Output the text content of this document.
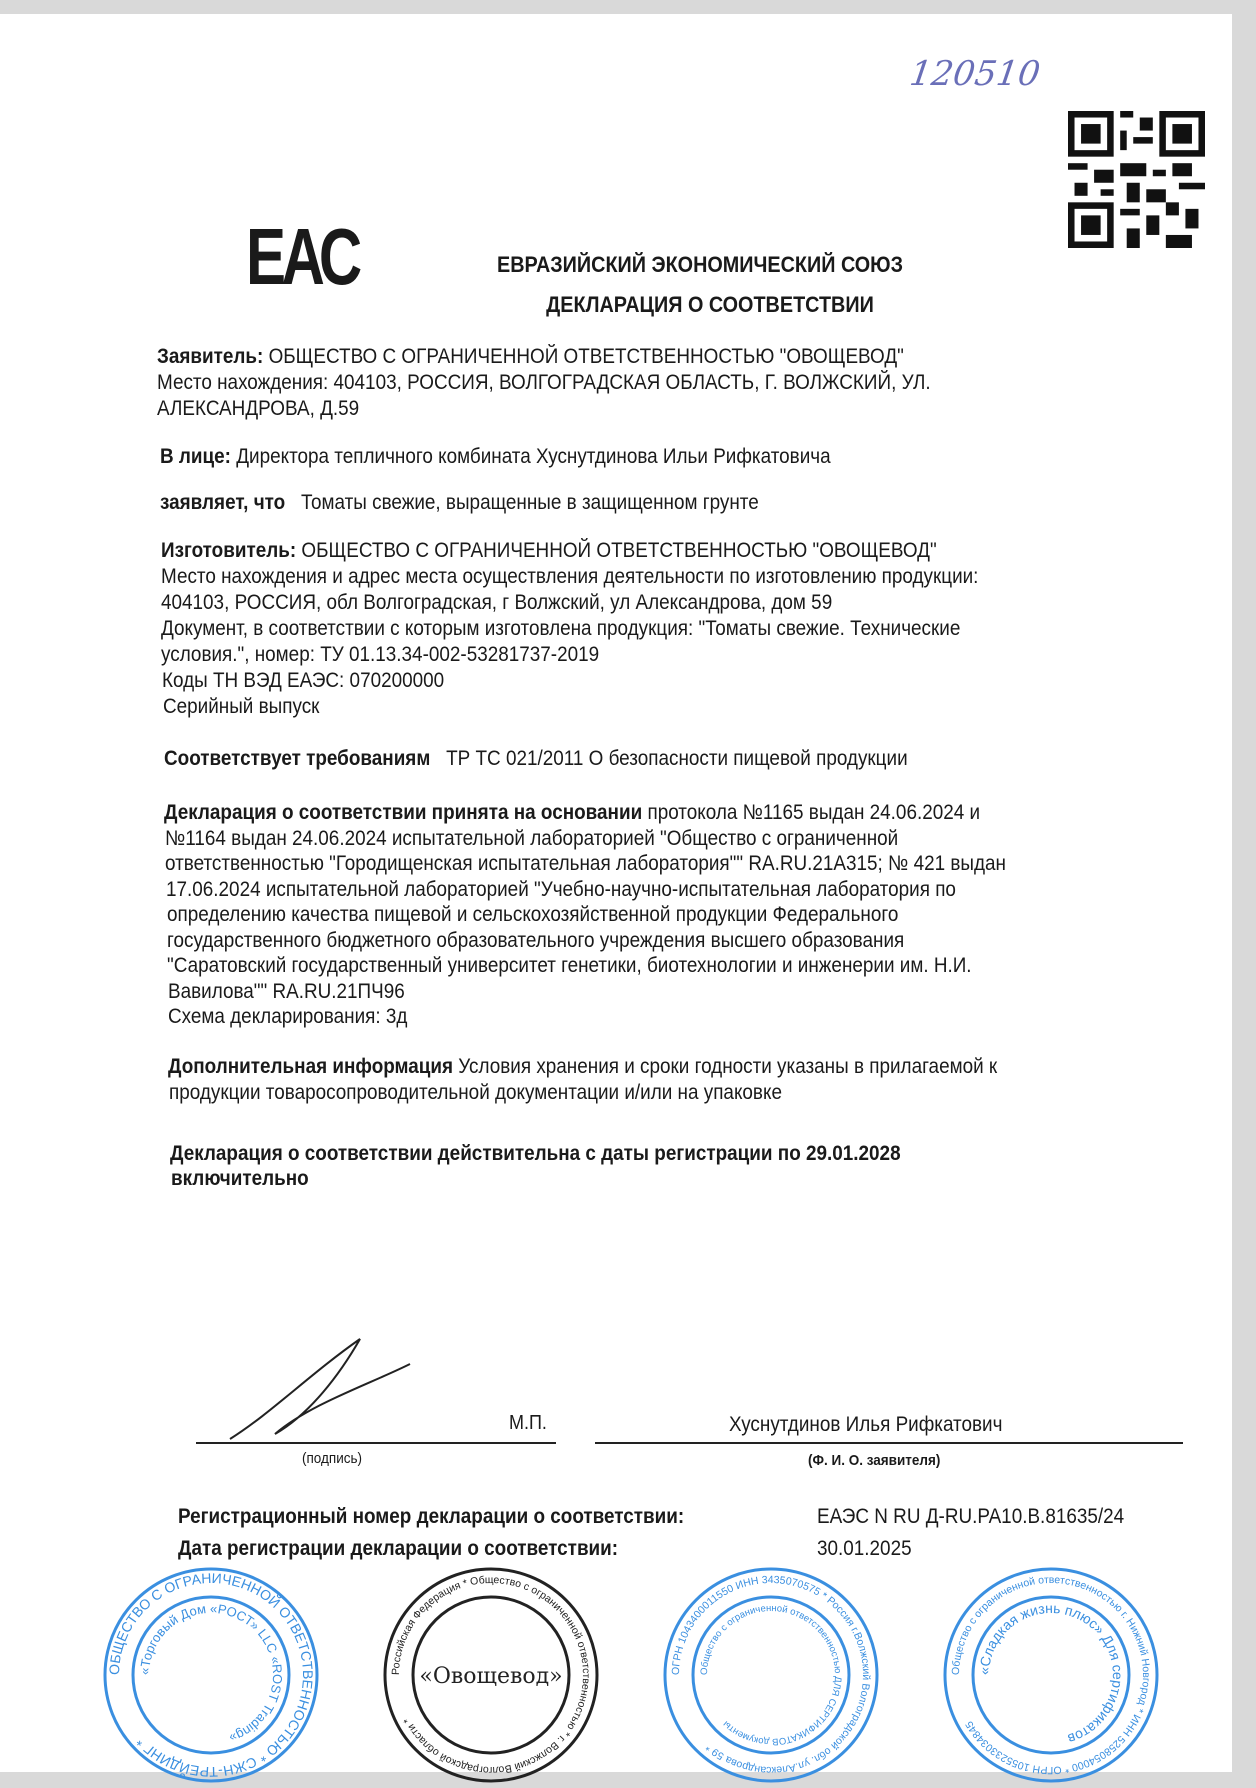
120510
ЕАС	ЕВРАЗИЙСКИЙ ЭКОНОМИЧЕСКИЙ СОЮЗ
ДЕКЛАРАЦИЯ О СООТВЕТСТВИИ
Заявитель: ОБЩЕСТВО С ОГРАНИЧЕННОЙ ОТВЕТСТВЕННОСТЬЮ "ОВОЩЕВОД"
Место нахождения: 404103, РОССИЯ, ВОЛГОГРАДСКАЯ ОБЛАСТЬ, Г. ВОЛЖСКИЙ, УЛ.
АЛЕКСАНДРОВА, Д.59
В лице: Директора тепличного комбината Хуснутдинова Ильи Рифкатовича
заявляет, что Томаты свежие, выращенные в защищенном грунте
Изготовитель: ОБЩЕСТВО С ОГРАНИЧЕННОЙ ОТВЕТСТВЕННОСТЬЮ "ОВОЩЕВОД"
Место нахождения и адрес места осуществления деятельности по изготовлению продукции:
404103, РОССИЯ, обл Волгоградская, г Волжский, ул Александрова, дом 59
Документ, в соответствии с которым изготовлена продукция: "Томаты свежие. Технические
условия.", номер: ТУ 01.13.34-002-53281737-2019
Коды ТН ВЭД ЕАЭС: 070200000
Серийный выпуск
Соответствует требованиям ТР ТС 021/2011 О безопасности пищевой продукции
Декларация о соответствии принята на основании протокола №1165 выдан 24.06.2024 и
№1164 выдан 24.06.2024 испытательной лабораторией "Общество с ограниченной
ответственностью "Городищенская испытательная лаборатория"" RA.RU.21А315; № 421 выдан
17.06.2024 испытательной лабораторией "Учебно-научно-испытательная лаборатория по
определению качества пищевой и сельскохозяйственной продукции Федерального
государственного бюджетного образовательного учреждения высшего образования
"Саратовский государственный университет генетики, биотехнологии и инженерии им. Н.И.
Вавилова"" RA.RU.21ПЧ96
Схема декларирования: 3д
Дополнительная информация Условия хранения и сроки годности указаны в прилагаемой к
продукции товаросопроводительной документации и/или на упаковке
Декларация о соответствии действительна с даты регистрации по 29.01.2028
включительно
(подпись)
М.П.	Хуснутдинов Илья Рифкатович
(Ф. И. О. заявителя)
Регистрационный номер декларации о соответствии:	ЕАЭС N RU Д-RU.PA10.B.81635/24
Дата регистрации декларации о соответствии:	30.01.2025
ОБЩЕСТВО С ОГРАНИЧЕННОЙ ОТВЕТСТВЕННОСТЬЮ * СЖН-ТРЕЙДИНГ *
«Торговый Дом «РОСТ» LLC «ROST Trading»
Российская Федерация * Общество с ограниченной ответственностью * г. Волжский Волгоградской области *
«Овощевод»	ОГРН 1043400011550 ИНН 3435070575 * Россия г.Волжский Волгоградской обл. ул.Александрова 59 *
Общество с ограниченной ответственностью ДЛЯ СЕРТИФИКАТОВ документы
Общество с ограниченной ответственностью г. Нижний Новгород * ИНН 5258054000 * ОГРН 1055233034845
«Сладкая жизнь плюс» Для сертификатов
